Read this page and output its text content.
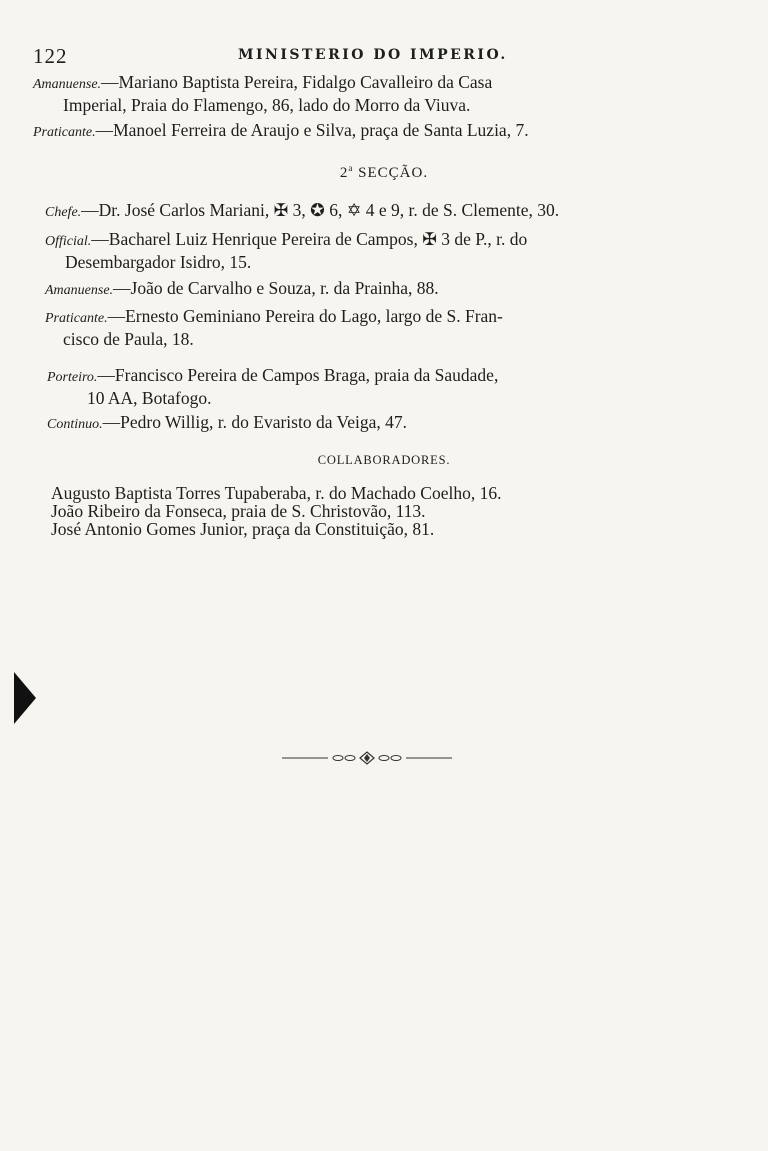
122	MINISTERIO DO IMPERIO.
Amanuense.—Mariano Baptista Pereira, Fidalgo Cavalleiro da Casa
Imperial, Praia do Flamengo, 86, lado do Morro da Viuva.
Praticante.—Manoel Ferreira de Araujo e Silva, praça de Santa Luzia, 7.
2$^a$ SECÇÃO.
Chefe.—Dr. José Carlos Mariani, ✠ 3, ✪ 6, ✡ 4 e 9, r. de S. Clemente, 30.
Official.—Bacharel Luiz Henrique Pereira de Campos, ✠ 3 de P., r. do
Desembargador Isidro, 15.
Amanuense.—João de Carvalho e Souza, r. da Prainha, 88.
Praticante.—Ernesto Geminiano Pereira do Lago, largo de S. Fran-
cisco de Paula, 18.
Porteiro.—Francisco Pereira de Campos Braga, praia da Saudade,
10 AA, Botafogo.
Continuo.—Pedro Willig, r. do Evaristo da Veiga, 47.
COLLABORADORES.
Augusto Baptista Torres Tupaberaba, r. do Machado Coelho, 16.
João Ribeiro da Fonseca, praia de S. Christovão, 113.
José Antonio Gomes Junior, praça da Constituição, 81.
